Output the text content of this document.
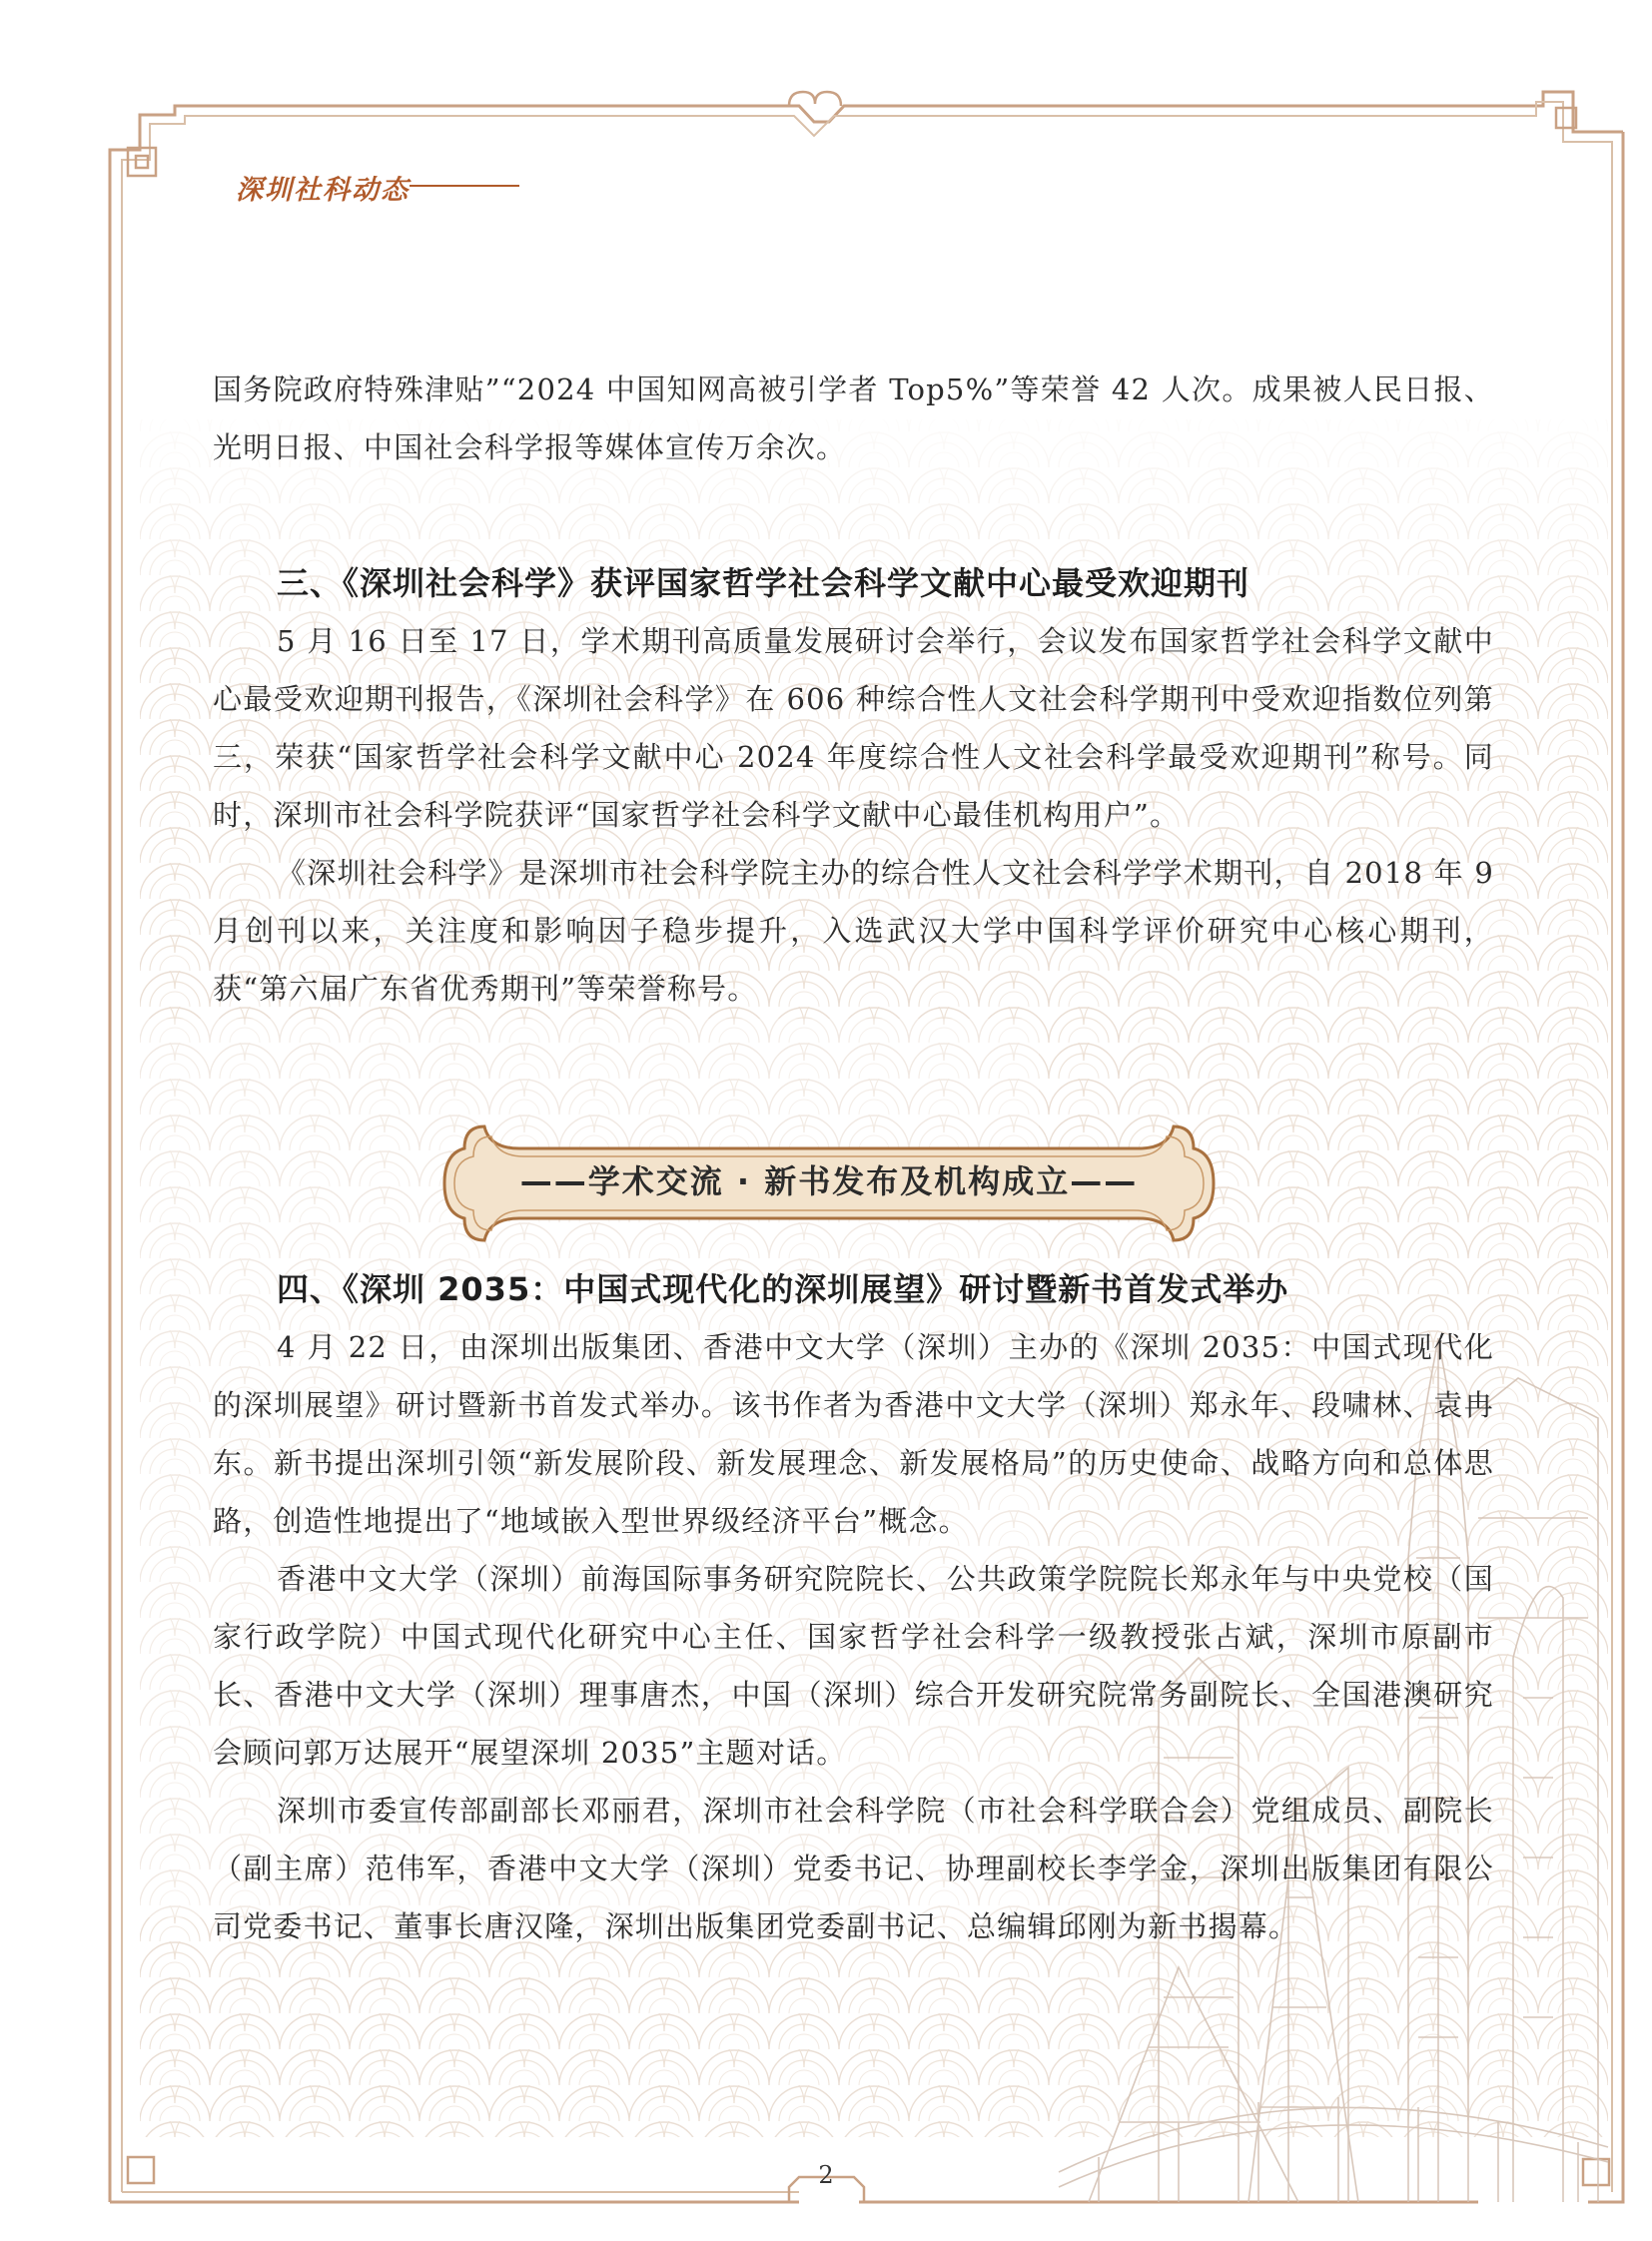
深圳社科动态

国务院政府特殊津贴”“2024 中国知网高被引学者 Top5%”等荣誉 42 人次。成果被人民日报、光明日报、中国社会科学报等媒体宣传万余次。

三、《深圳社会科学》获评国家哲学社会科学文献中心最受欢迎期刊

5 月 16 日至 17 日，学术期刊高质量发展研讨会举行，会议发布国家哲学社会科学文献中心最受欢迎期刊报告，《深圳社会科学》在 606 种综合性人文社会科学期刊中受欢迎指数位列第三，荣获“国家哲学社会科学文献中心 2024 年度综合性人文社会科学最受欢迎期刊”称号。同时，深圳市社会科学院获评“国家哲学社会科学文献中心最佳机构用户”。

《深圳社会科学》是深圳市社会科学院主办的综合性人文社会科学学术期刊，自 2018 年 9 月创刊以来，关注度和影响因子稳步提升，入选武汉大学中国科学评价研究中心核心期刊，获“第六届广东省优秀期刊”等荣誉称号。

——学术交流 · 新书发布及机构成立——

四、《深圳 2035：中国式现代化的深圳展望》研讨暨新书首发式举办

4 月 22 日，由深圳出版集团、香港中文大学（深圳）主办的《深圳 2035：中国式现代化的深圳展望》研讨暨新书首发式举办。该书作者为香港中文大学（深圳）郑永年、段啸林、袁冉东。新书提出深圳引领“新发展阶段、新发展理念、新发展格局”的历史使命、战略方向和总体思路，创造性地提出了“地域嵌入型世界级经济平台”概念。

香港中文大学（深圳）前海国际事务研究院院长、公共政策学院院长郑永年与中央党校（国家行政学院）中国式现代化研究中心主任、国家哲学社会科学一级教授张占斌，深圳市原副市长、香港中文大学（深圳）理事唐杰，中国（深圳）综合开发研究院常务副院长、全国港澳研究会顾问郭万达展开“展望深圳 2035”主题对话。

深圳市委宣传部副部长邓丽君，深圳市社会科学院（市社会科学联合会）党组成员、副院长（副主席）范伟军，香港中文大学（深圳）党委书记、协理副校长李学金，深圳出版集团有限公司党委书记、董事长唐汉隆，深圳出版集团党委副书记、总编辑邱刚为新书揭幕。

2
